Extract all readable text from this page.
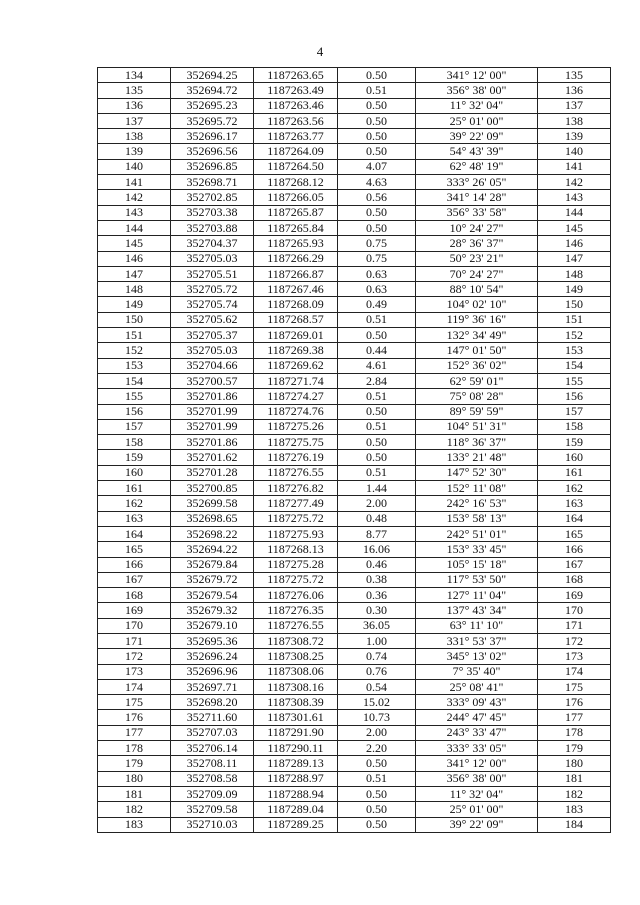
4
134	352694.25	1187263.65	0.50	341° 12' 00"	135
135	352694.72	1187263.49	0.51	356° 38' 00"	136
136	352695.23	1187263.46	0.50	11° 32' 04"	137
137	352695.72	1187263.56	0.50	25° 01' 00"	138
138	352696.17	1187263.77	0.50	39° 22' 09"	139
139	352696.56	1187264.09	0.50	54° 43' 39"	140
140	352696.85	1187264.50	4.07	62° 48' 19"	141
141	352698.71	1187268.12	4.63	333° 26' 05"	142
142	352702.85	1187266.05	0.56	341° 14' 28"	143
143	352703.38	1187265.87	0.50	356° 33' 58"	144
144	352703.88	1187265.84	0.50	10° 24' 27"	145
145	352704.37	1187265.93	0.75	28° 36' 37"	146
146	352705.03	1187266.29	0.75	50° 23' 21"	147
147	352705.51	1187266.87	0.63	70° 24' 27"	148
148	352705.72	1187267.46	0.63	88° 10' 54"	149
149	352705.74	1187268.09	0.49	104° 02' 10"	150
150	352705.62	1187268.57	0.51	119° 36' 16"	151
151	352705.37	1187269.01	0.50	132° 34' 49"	152
152	352705.03	1187269.38	0.44	147° 01' 50"	153
153	352704.66	1187269.62	4.61	152° 36' 02"	154
154	352700.57	1187271.74	2.84	62° 59' 01"	155
155	352701.86	1187274.27	0.51	75° 08' 28"	156
156	352701.99	1187274.76	0.50	89° 59' 59"	157
157	352701.99	1187275.26	0.51	104° 51' 31"	158
158	352701.86	1187275.75	0.50	118° 36' 37"	159
159	352701.62	1187276.19	0.50	133° 21' 48"	160
160	352701.28	1187276.55	0.51	147° 52' 30"	161
161	352700.85	1187276.82	1.44	152° 11' 08"	162
162	352699.58	1187277.49	2.00	242° 16' 53"	163
163	352698.65	1187275.72	0.48	153° 58' 13"	164
164	352698.22	1187275.93	8.77	242° 51' 01"	165
165	352694.22	1187268.13	16.06	153° 33' 45"	166
166	352679.84	1187275.28	0.46	105° 15' 18"	167
167	352679.72	1187275.72	0.38	117° 53' 50"	168
168	352679.54	1187276.06	0.36	127° 11' 04"	169
169	352679.32	1187276.35	0.30	137° 43' 34"	170
170	352679.10	1187276.55	36.05	63° 11' 10"	171
171	352695.36	1187308.72	1.00	331° 53' 37"	172
172	352696.24	1187308.25	0.74	345° 13' 02"	173
173	352696.96	1187308.06	0.76	7° 35' 40"	174
174	352697.71	1187308.16	0.54	25° 08' 41"	175
175	352698.20	1187308.39	15.02	333° 09' 43"	176
176	352711.60	1187301.61	10.73	244° 47' 45"	177
177	352707.03	1187291.90	2.00	243° 33' 47"	178
178	352706.14	1187290.11	2.20	333° 33' 05"	179
179	352708.11	1187289.13	0.50	341° 12' 00"	180
180	352708.58	1187288.97	0.51	356° 38' 00"	181
181	352709.09	1187288.94	0.50	11° 32' 04"	182
182	352709.58	1187289.04	0.50	25° 01' 00"	183
183	352710.03	1187289.25	0.50	39° 22' 09"	184
